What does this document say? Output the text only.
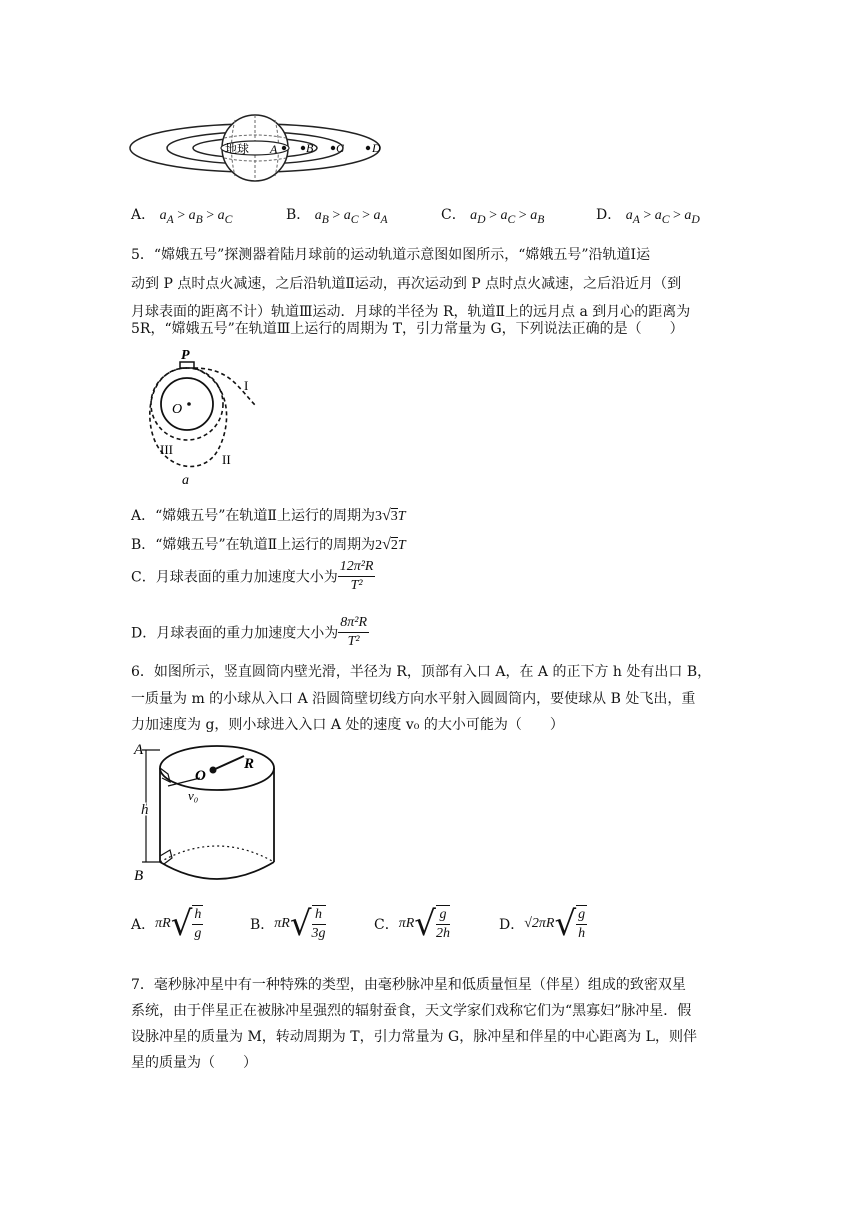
地球 A B C D
A． $a_A > a_B > a_C$	B． $a_B > a_C > a_A$	C． $a_D > a_C > a_B$	D． $a_A > a_C > a_D$
5．“嫦娥五号”探测器着陆月球前的运动轨道示意图如图所示，“嫦娥五号”沿轨道Ⅰ运
动到 P 点时点火减速，之后沿轨道Ⅱ运动，再次运动到 P 点时点火减速，之后沿近月（到
月球表面的距离不计）轨道Ⅲ运动．月球的半径为 R，轨道Ⅱ上的远月点 a 到月心的距离为
5R，“嫦娥五号”在轨道Ⅲ上运行的周期为 T，引力常量为 G，下列说法正确的是（　　）
P
O
I
III
II
a
A．“嫦娥五号”在轨道Ⅱ上运行的周期为3√3T
B．“嫦娥五号”在轨道Ⅱ上运行的周期为2√2T
C．月球表面的重力加速度大小为 $\frac{\text{12π²R}}{\text{T²}}$
D．月球表面的重力加速度大小为 $\frac{\text{8π²R}}{\text{T²}}$
6．如图所示，竖直圆筒内壁光滑，半径为 R，顶部有入口 A，在 A 的正下方 h 处有出口 B，
一质量为 m 的小球从入口 A 沿圆筒壁切线方向水平射入圆圆筒内，要使球从 B 处飞出，重
力加速度为 g，则小球进入入口 A 处的速度 v₀ 的大小可能为（　　）
A
B
h
v₀
O
R
A．$\pi R√ \frac{h}{g}$	B．$\pi R√ \frac{h}{3g}$	C．$\pi R√ \frac{g}{2h}$	D．$√2\pi R√ \frac{g}{h}$
7．毫秒脉冲星中有一种特殊的类型，由毫秒脉冲星和低质量恒星（伴星）组成的致密双星
系统，由于伴星正在被脉冲星强烈的辐射蚕食，天文学家们戏称它们为“黑寡妇”脉冲星．假
设脉冲星的质量为 M，转动周期为 T，引力常量为 G，脉冲星和伴星的中心距离为 L，则伴
星的质量为（　　）
